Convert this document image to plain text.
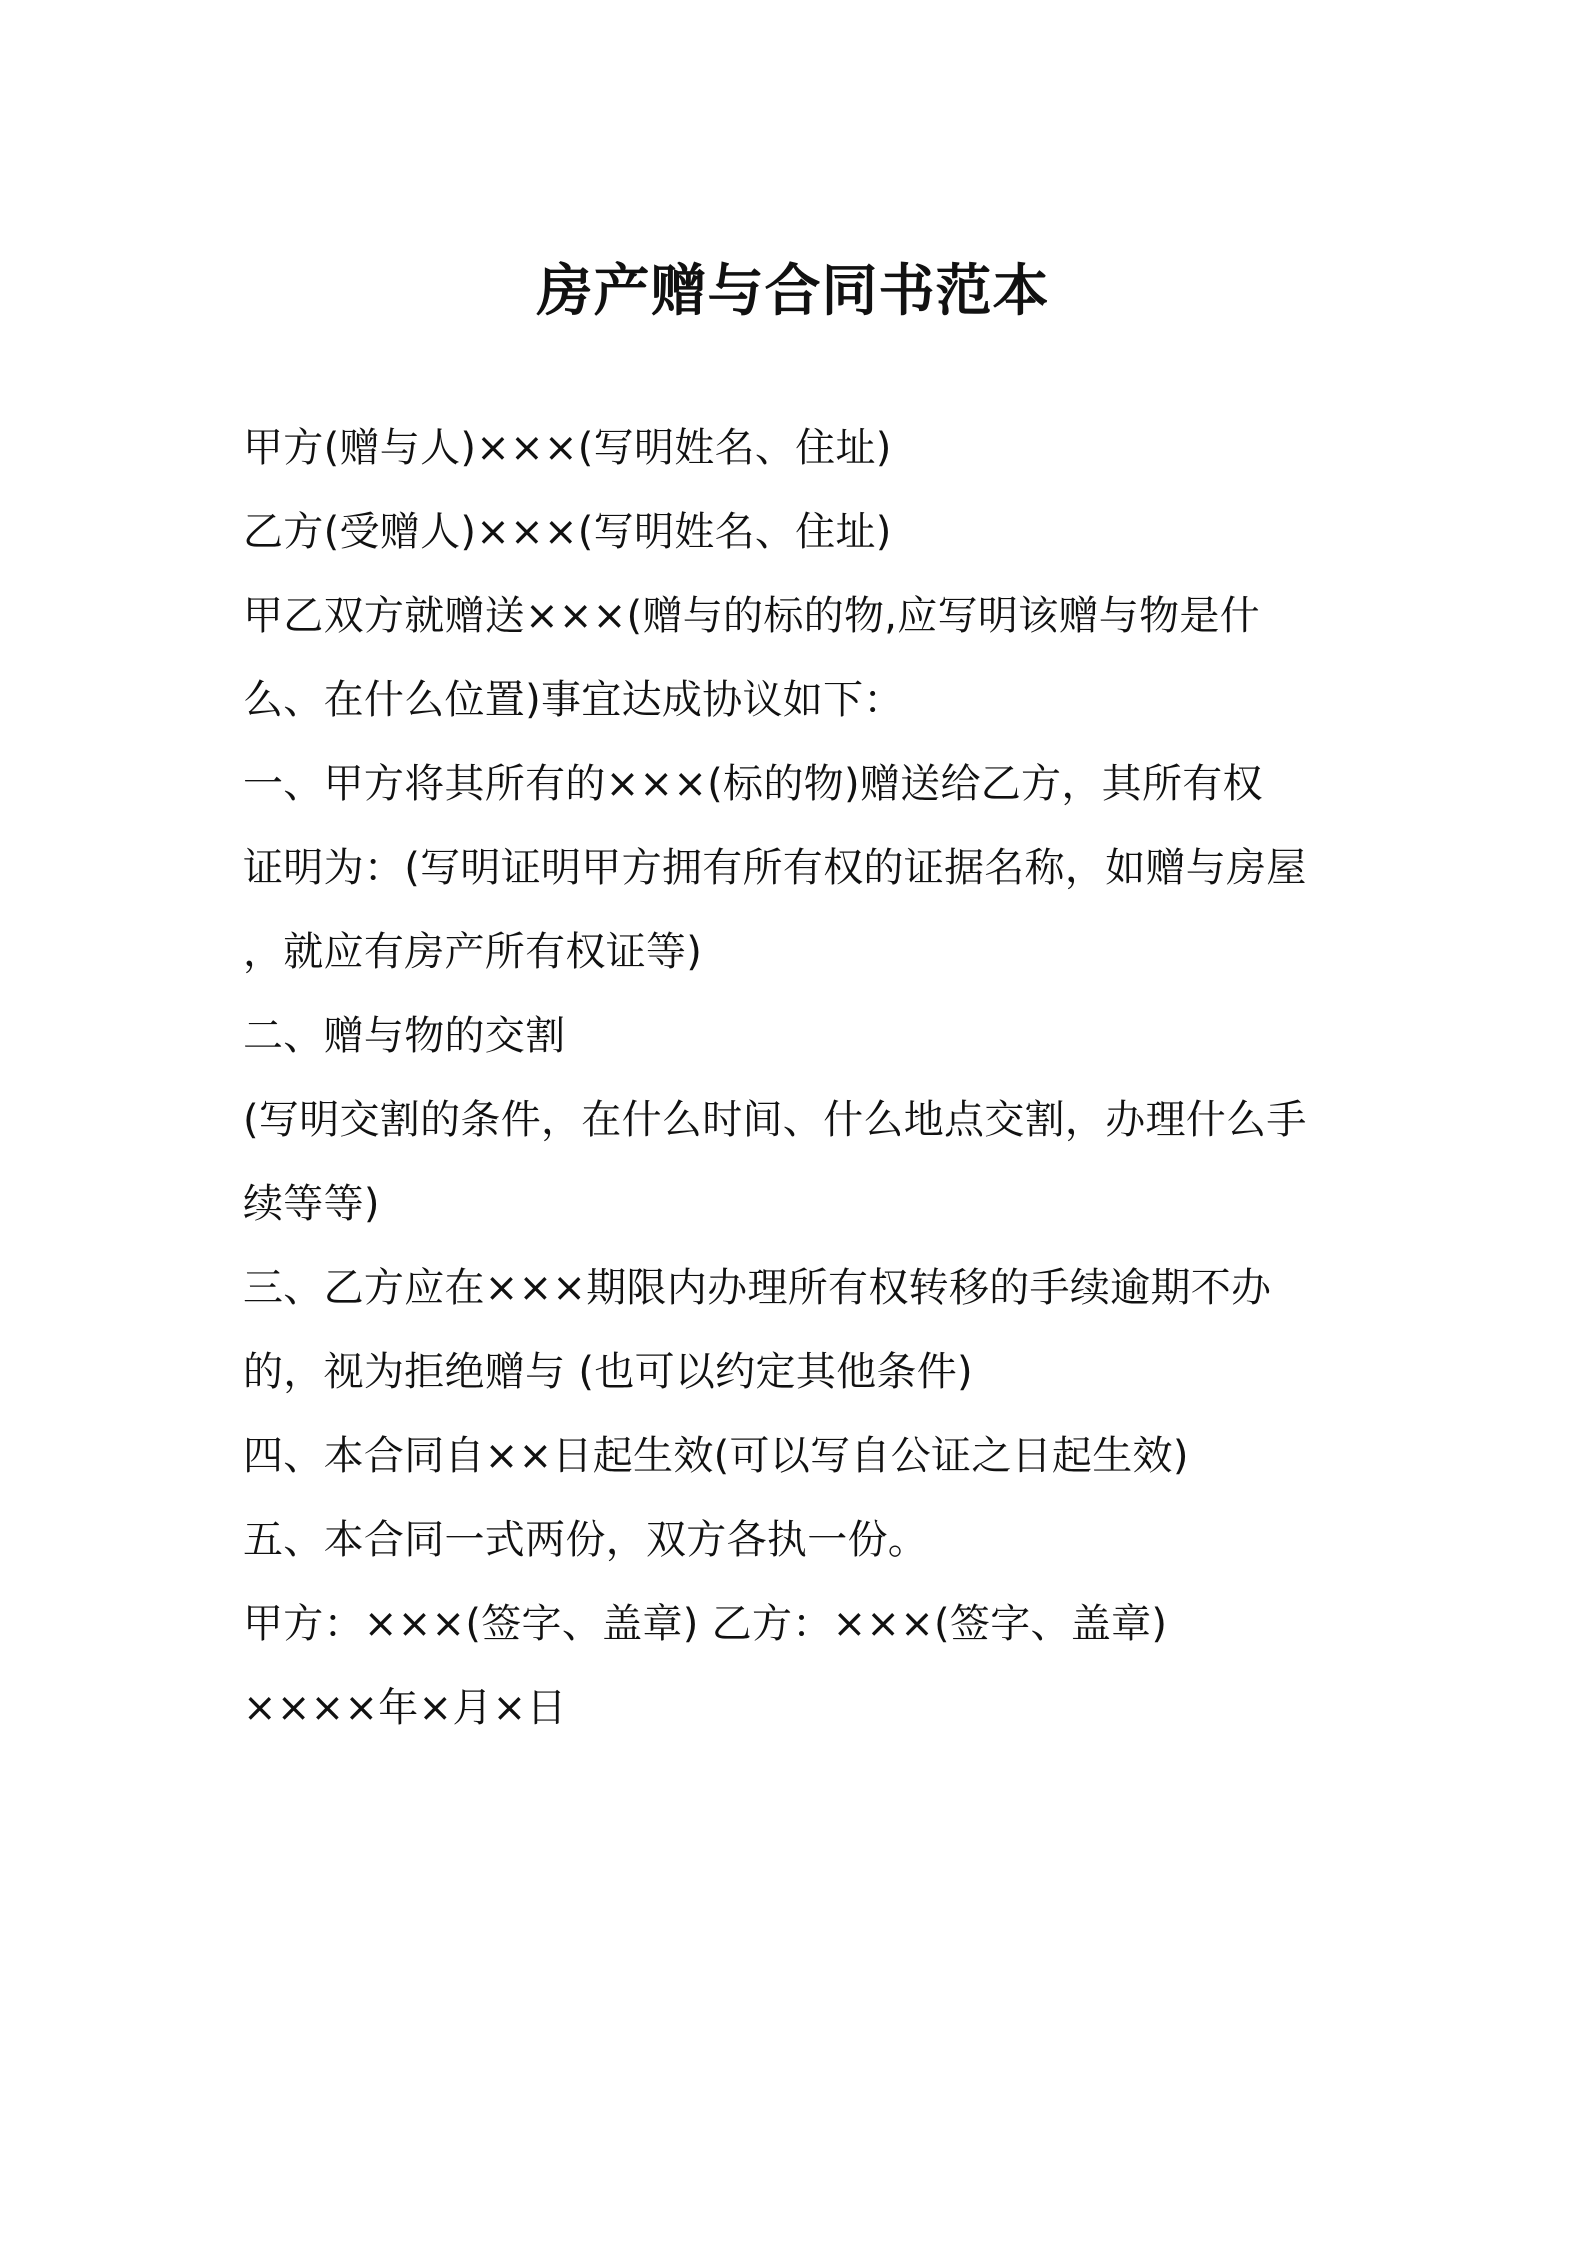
房产赠与合同书范本

甲方(赠与人)×××(写明姓名、住址)

乙方(受赠人)×××(写明姓名、住址)

甲乙双方就赠送×××(赠与的标的物,应写明该赠与物是什

么、在什么位置)事宜达成协议如下：

一、甲方将其所有的×××(标的物)赠送给乙方，其所有权

证明为：(写明证明甲方拥有所有权的证据名称，如赠与房屋

，就应有房产所有权证等)

二、赠与物的交割

(写明交割的条件，在什么时间、什么地点交割，办理什么手

续等等)

三、乙方应在×××期限内办理所有权转移的手续逾期不办

的，视为拒绝赠与 (也可以约定其他条件)

四、本合同自××日起生效(可以写自公证之日起生效)

五、本合同一式两份，双方各执一份。

甲方：×××(签字、盖章) 乙方：×××(签字、盖章)

××××年×月×日
